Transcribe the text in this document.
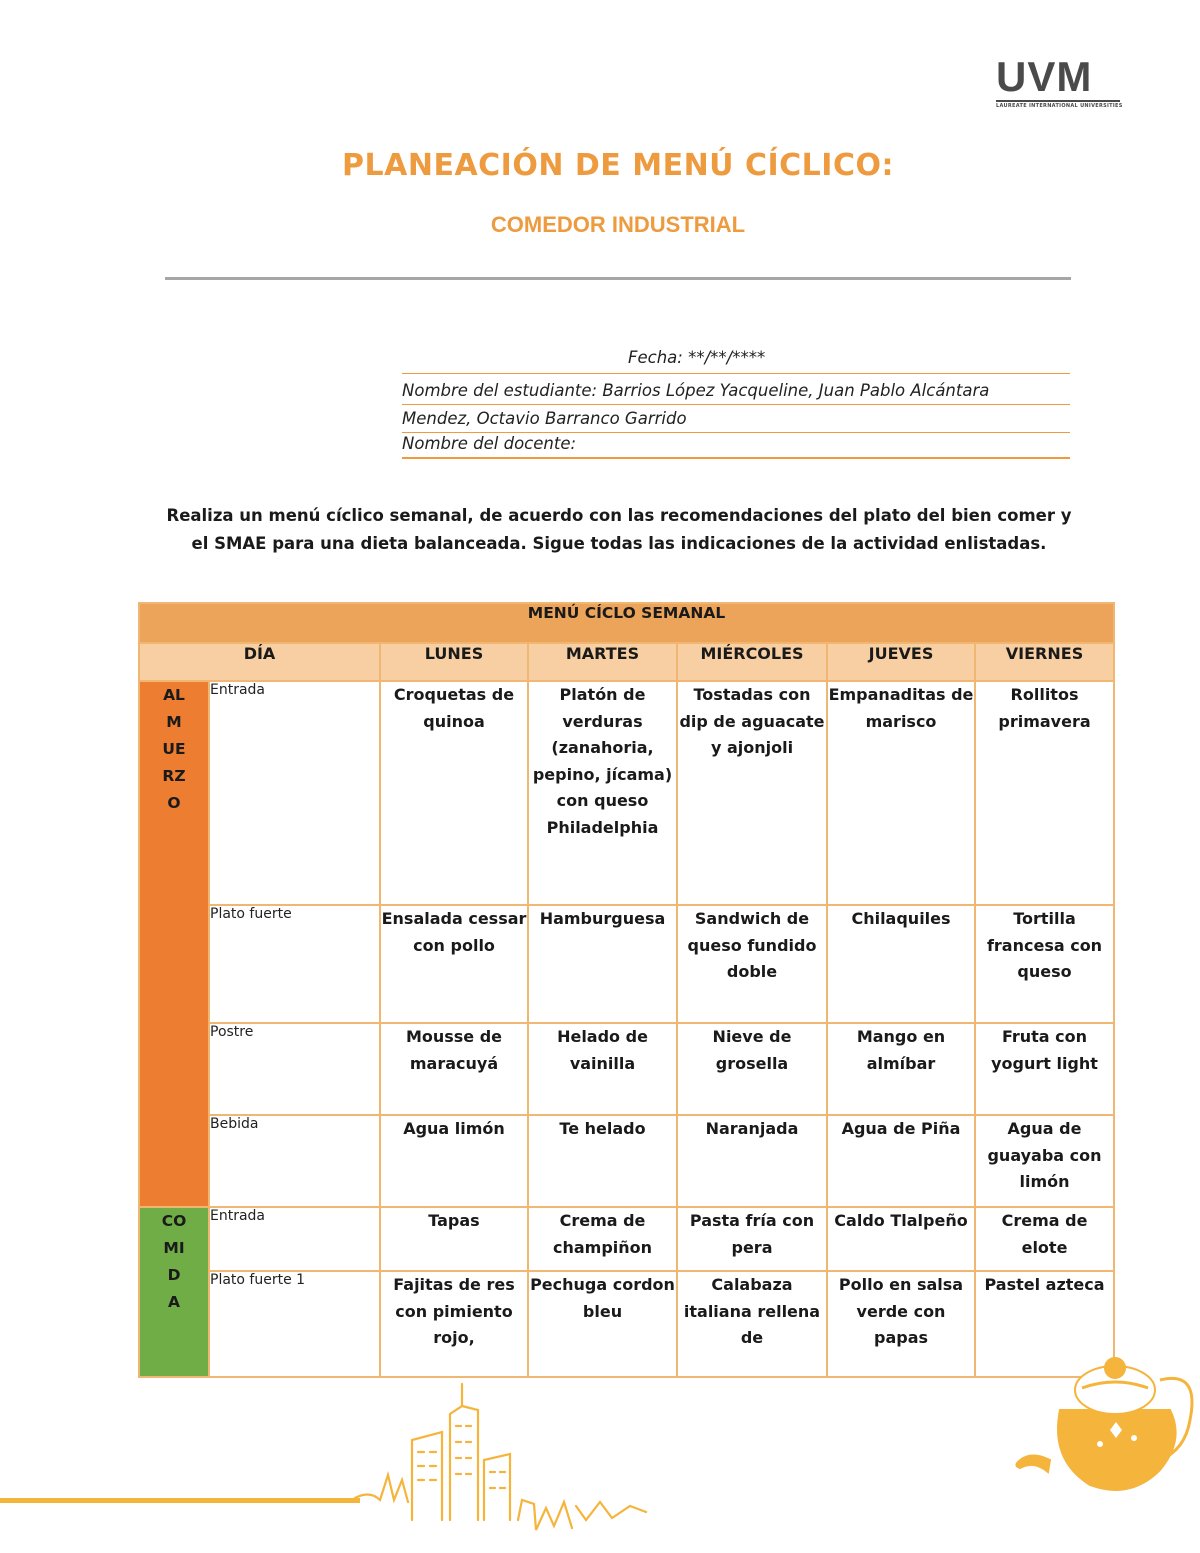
UVM
LAUREATE INTERNATIONAL UNIVERSITIES
PLANEACIÓN DE MENÚ CÍCLICO:
COMEDOR INDUSTRIAL
Fecha: **/**/****
Nombre del estudiante: Barrios López Yacqueline, Juan Pablo Alcántara
Mendez, Octavio Barranco Garrido
Nombre del docente:
Realiza un menú cíclico semanal, de acuerdo con las recomendaciones del plato del bien comer y el SMAE para una dieta balanceada. Sigue todas las indicaciones de la actividad enlistadas.
MENÚ CÍCLO SEMANAL						
DÍA		LUNES	MARTES	MIÉRCOLES	JUEVES	VIERNES
AL M UE RZ O	Entrada	Croquetas de quinoa	Platón de verduras (zanahoria, pepino, jícama) con queso Philadelphia	Tostadas con dip de aguacate y ajonjoli	Empanaditas de marisco	Rollitos primavera
	Plato fuerte	Ensalada cessar con pollo	Hamburguesa	Sandwich de queso fundido doble	Chilaquiles	Tortilla francesa con queso
	Postre	Mousse de maracuyá	Helado de vainilla	Nieve de grosella	Mango en almíbar	Fruta con yogurt light
	Bebida	Agua limón	Te helado	Naranjada	Agua de Piña	Agua de guayaba con limón
CO MI D A	Entrada	Tapas	Crema de champiñon	Pasta fría con pera	Caldo Tlalpeño	Crema de elote
	Plato fuerte 1	Fajitas de res con pimiento rojo,	Pechuga cordon bleu	Calabaza italiana rellena de	Pollo en salsa verde con papas	Pastel azteca
